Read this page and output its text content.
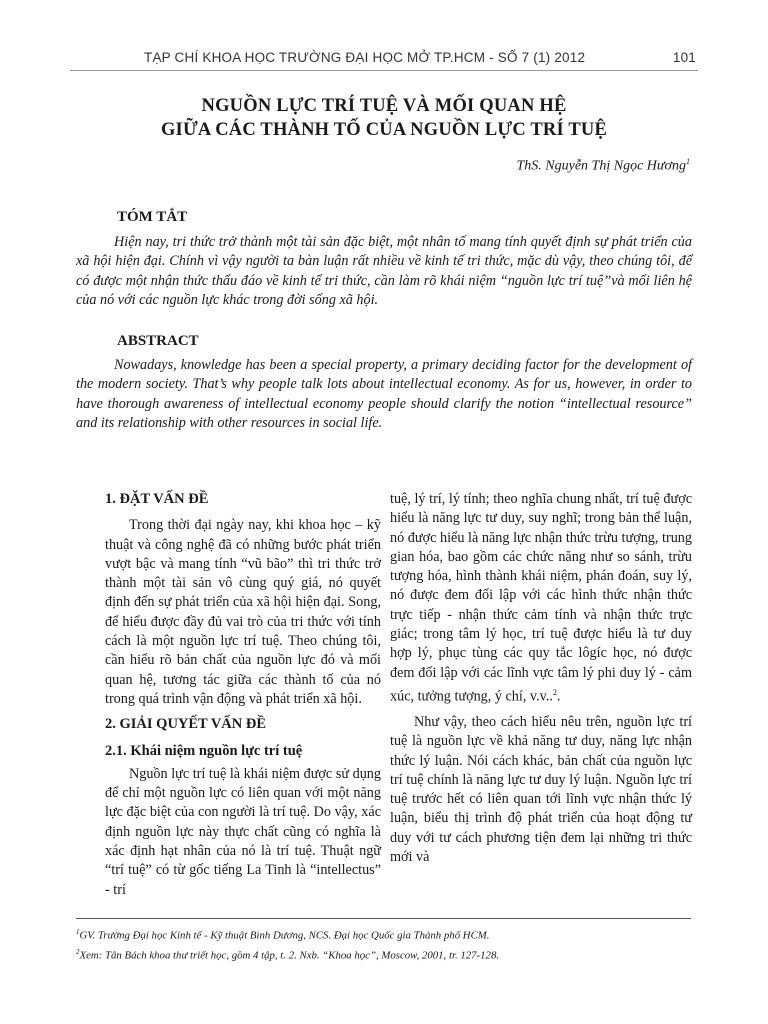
TẠP CHÍ KHOA HỌC TRƯỜNG ĐẠI HỌC MỞ TP.HCM - SỐ 7 (1) 2012	101
NGUỒN LỰC TRÍ TUỆ VÀ MỐI QUAN HỆ
GIỮA CÁC THÀNH TỐ CỦA NGUỒN LỰC TRÍ TUỆ
ThS. Nguyễn Thị Ngọc Hương$^1$
TÓM TẮT

Hiện nay, tri thức trở thành một tài sản đặc biệt, một nhân tố mang tính quyết định sự phát triển của xã hội hiện đại. Chính vì vậy người ta bàn luận rất nhiều về kinh tế tri thức, mặc dù vậy, theo chúng tôi, để có được một nhận thức thấu đáo về kinh tế tri thức, cần làm rõ khái niệm “nguồn lực trí tuệ”và mối liên hệ của nó với các nguồn lực khác trong đời sống xã hội.

ABSTRACT

Nowadays, knowledge has been a special property, a primary deciding factor for the development of the modern society. That’s why people talk lots about intellectual economy. As for us, however, in order to have thorough awareness of intellectual economy people should clarify the notion “intellectual resource” and its relationship with other resources in social life.

1. ĐẶT VẤN ĐỀ

Trong thời đại ngày nay, khi khoa học – kỹ thuật và công nghệ đã có những bước phát triển vượt bậc và mang tính “vũ bão” thì tri thức trở thành một tài sản vô cùng quý giá, nó quyết định đến sự phát triển của xã hội hiện đại. Song, để hiểu được đầy đủ vai trò của tri thức với tính cách là một nguồn lực trí tuệ. Theo chúng tôi, cần hiểu rõ bản chất của nguồn lực đó và mối quan hệ, tương tác giữa các thành tố của nó trong quá trình vận động và phát triển xã hội.

2. GIẢI QUYẾT VẤN ĐỀ
2.1. Khái niệm nguồn lực trí tuệ

Nguồn lực trí tuệ là khái niệm được sử dụng để chỉ một nguồn lực có liên quan với một năng lực đặc biệt của con người là trí tuệ. Do vậy, xác định nguồn lực này thực chất cũng có nghĩa là xác định hạt nhân của nó là trí tuệ. Thuật ngữ “trí tuệ” có từ gốc tiếng La Tinh là “intellectus” - trí

tuệ, lý trí, lý tính; theo nghĩa chung nhất, trí tuệ được hiểu là năng lực tư duy, suy nghĩ; trong bản thể luận, nó được hiểu là năng lực nhận thức trừu tượng, trung gian hóa, bao gồm các chức năng như so sánh, trừu tượng hóa, hình thành khái niệm, phán đoán, suy lý, nó được đem đối lập với các hình thức nhận thức trực tiếp - nhận thức cảm tính và nhận thức trực giác; trong tâm lý học, trí tuệ được hiểu là tư duy hợp lý, phục tùng các quy tắc lôgíc học, nó được đem đối lập với các lĩnh vực tâm lý phi duy lý - cảm xúc, tưởng tượng, ý chí, v.v..$^2$.

Như vậy, theo cách hiểu nêu trên, nguồn lực trí tuệ là nguồn lực về khả năng tư duy, năng lực nhận thức lý luận. Nói cách khác, bản chất của nguồn lực trí tuệ chính là năng lực tư duy lý luận. Nguồn lực trí tuệ trước hết có liên quan tới lĩnh vực nhận thức lý luận, biểu thị trình độ phát triển của hoạt động tư duy với tư cách phương tiện đem lại những tri thức mới và

$^1$GV. Trường Đại học Kinh tế - Kỹ thuật Bình Dương, NCS. Đại học Quốc gia Thành phố HCM.
$^2$Xem: Tân Bách khoa thư triết học, gồm 4 tập, t. 2. Nxb. “Khoa học”, Moscow, 2001, tr. 127-128.
